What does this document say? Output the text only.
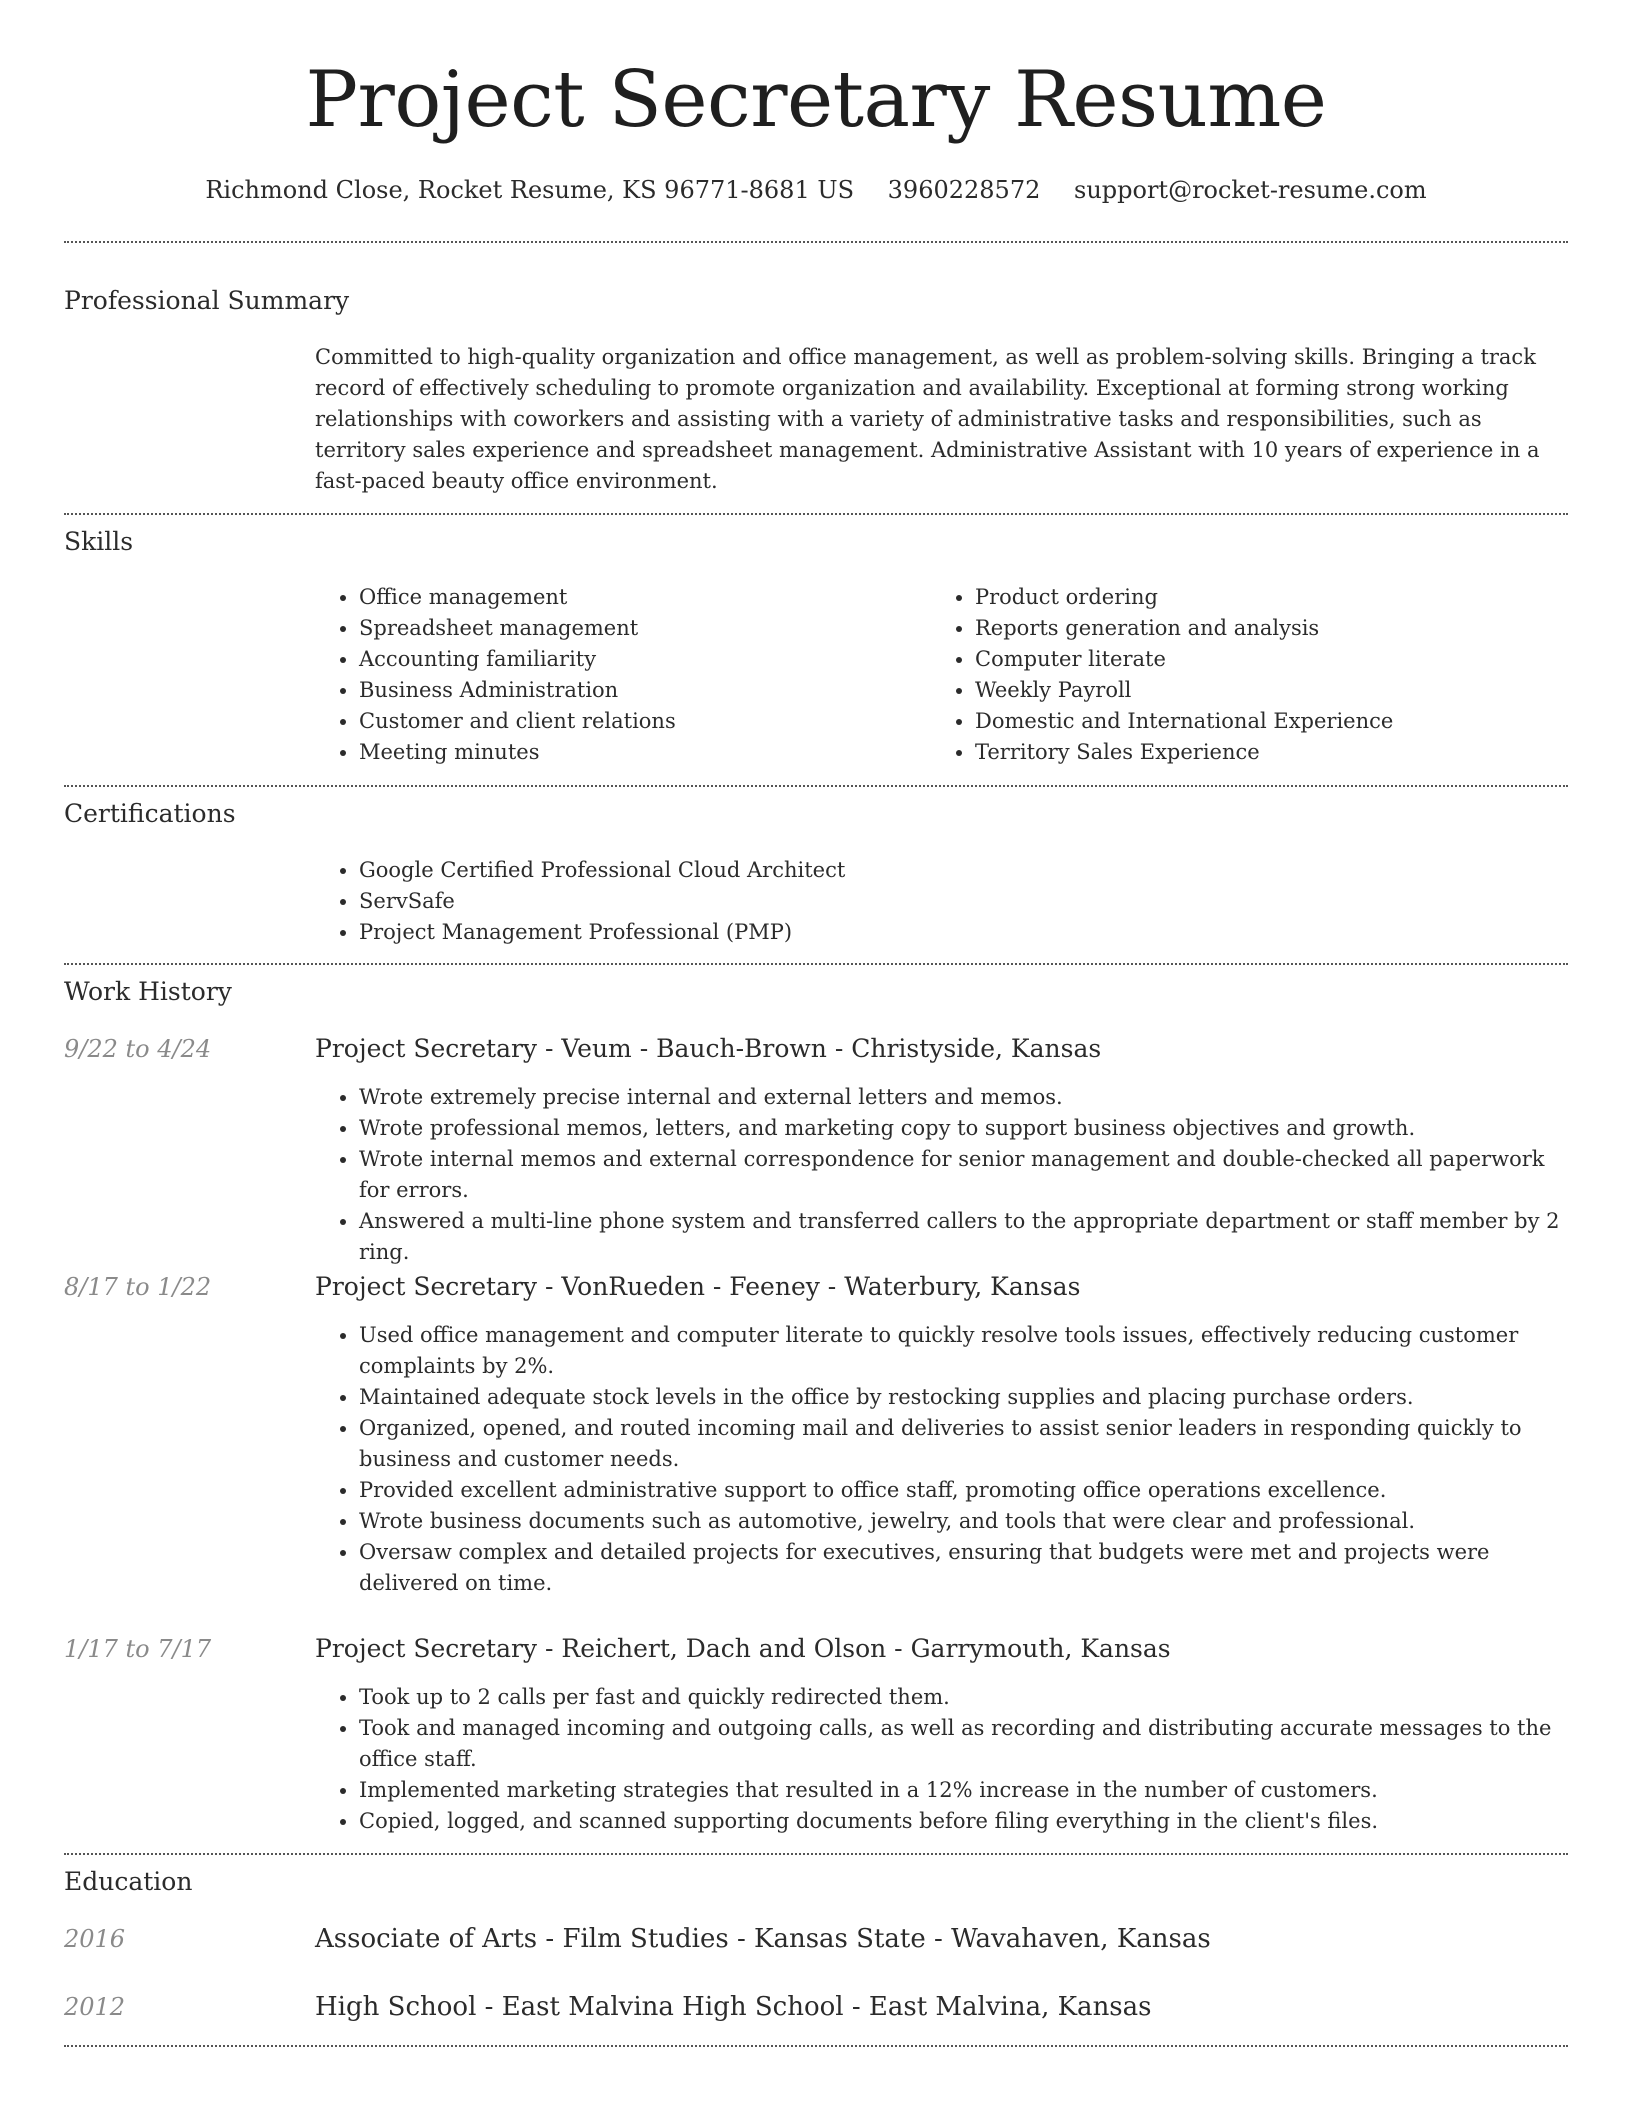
Project Secretary Resume
Richmond Close, Rocket Resume, KS 96771-8681 US 3960228572 support@rocket-resume.com
Professional Summary

Committed to high-quality organization and office management, as well as problem-solving skills. Bringing a track record of effectively scheduling to promote organization and availability. Exceptional at forming strong working relationships with coworkers and assisting with a variety of administrative tasks and responsibilities, such as territory sales experience and spreadsheet management. Administrative Assistant with 10 years of experience in a fast-paced beauty office environment.

Skills
• Office management
• Spreadsheet management
• Accounting familiarity
• Business Administration
• Customer and client relations
• Meeting minutes
• Product ordering
• Reports generation and analysis
• Computer literate
• Weekly Payroll
• Domestic and International Experience
• Territory Sales Experience
Certifications
• Google Certified Professional Cloud Architect
• ServSafe
• Project Management Professional (PMP)
Work History
9/22 to 4/24	Project Secretary - Veum - Bauch-Brown - Christyside, Kansas
• Wrote extremely precise internal and external letters and memos.
• Wrote professional memos, letters, and marketing copy to support business objectives and growth.
• Wrote internal memos and external correspondence for senior management and double-checked all paperwork for errors.
• Answered a multi-line phone system and transferred callers to the appropriate department or staff member by 2 ring.
8/17 to 1/22	Project Secretary - VonRueden - Feeney - Waterbury, Kansas
• Used office management and computer literate to quickly resolve tools issues, effectively reducing customer complaints by 2%.
• Maintained adequate stock levels in the office by restocking supplies and placing purchase orders.
• Organized, opened, and routed incoming mail and deliveries to assist senior leaders in responding quickly to business and customer needs.
• Provided excellent administrative support to office staff, promoting office operations excellence.
• Wrote business documents such as automotive, jewelry, and tools that were clear and professional.
• Oversaw complex and detailed projects for executives, ensuring that budgets were met and projects were delivered on time.
1/17 to 7/17	Project Secretary - Reichert, Dach and Olson - Garrymouth, Kansas
• Took up to 2 calls per fast and quickly redirected them.
• Took and managed incoming and outgoing calls, as well as recording and distributing accurate messages to the office staff.
• Implemented marketing strategies that resulted in a 12% increase in the number of customers.
• Copied, logged, and scanned supporting documents before filing everything in the client's files.
Education
2016	Associate of Arts - Film Studies - Kansas State - Wavahaven, Kansas
2012	High School - East Malvina High School - East Malvina, Kansas
